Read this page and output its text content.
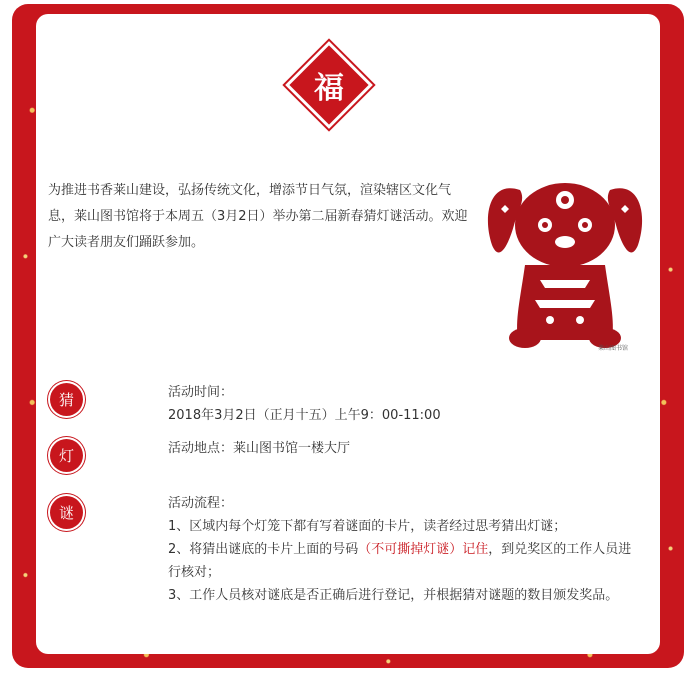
福

为推进书香莱山建设，弘扬传统文化，增添节日气氛，渲染辖区文化气息，莱山图书馆将于本周五（3月2日）举办第二届新春猜灯谜活动。欢迎广大读者朋友们踊跃参加。

莱山图书馆
猜	活动时间：

2018年3月2日（正月十五）上午9：00-11:00

灯	活动地点：莱山图书馆一楼大厅

谜

活动流程：

1、区域内每个灯笼下都有写着谜面的卡片，读者经过思考猜出灯谜；

2、将猜出谜底的卡片上面的号码（不可撕掉灯谜）记住，到兑奖区的工作人员进行核对；

3、工作人员核对谜底是否正确后进行登记，并根据猜对谜题的数目颁发奖品。
